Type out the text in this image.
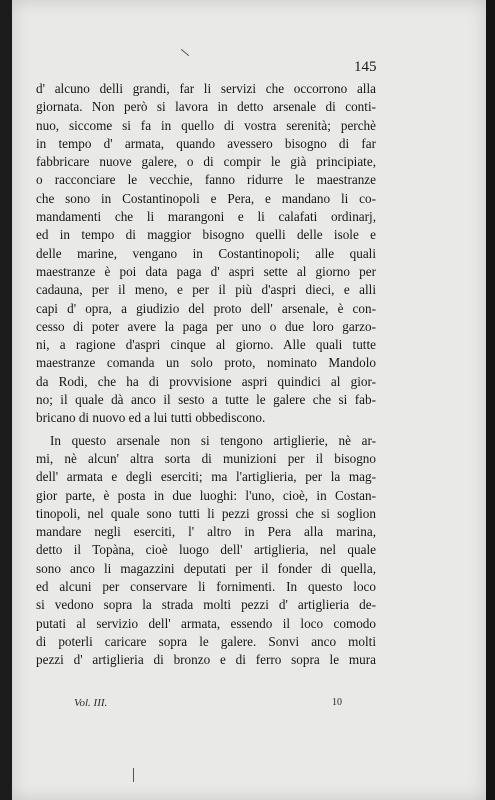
145
d' alcuno delli grandi, far li servizi che occorrono alla
giornata. Non però si lavora in detto arsenale di conti-
nuo, siccome si fa in quello di vostra serenità; perchè
in tempo d' armata, quando avessero bisogno di far
fabbricare nuove galere, o di compir le già principiate,
o racconciare le vecchie, fanno ridurre le maestranze
che sono in Costantinopoli e Pera, e mandano li co-
mandamenti che li marangoni e li calafati ordinarj,
ed in tempo di maggior bisogno quelli delle isole e
delle marine, vengano in Costantinopoli; alle quali
maestranze è poi data paga d' aspri sette al giorno per
cadauna, per il meno, e per il più d'aspri dieci, e alli
capi d' opra, a giudizio del proto dell' arsenale, è con-
cesso di poter avere la paga per uno o due loro garzo-
ni, a ragione d'aspri cinque al giorno. Alle quali tutte
maestranze comanda un solo proto, nominato Mandolo
da Rodi, che ha di provvisione aspri quindici al gior-
no; il quale dà anco il sesto a tutte le galere che si fab-
bricano di nuovo ed a lui tutti obbediscono.
In questo arsenale non si tengono artiglierie, nè ar-
mi, nè alcun' altra sorta di munizioni per il bisogno
dell' armata e degli eserciti; ma l'artiglieria, per la mag-
gior parte, è posta in due luoghi: l'uno, cioè, in Costan-
tinopoli, nel quale sono tutti li pezzi grossi che si soglion
mandare negli eserciti, l' altro in Pera alla marina,
detto il Topàna, cioè luogo dell' artiglieria, nel quale
sono anco li magazzini deputati per il fonder di quella,
ed alcuni per conservare li fornimenti. In questo loco
si vedono sopra la strada molti pezzi d' artiglieria de-
putati al servizio dell' armata, essendo il loco comodo
di poterli caricare sopra le galere. Sonvi anco molti
pezzi d' artiglieria di bronzo e di ferro sopra le mura
Vol. III.	10
